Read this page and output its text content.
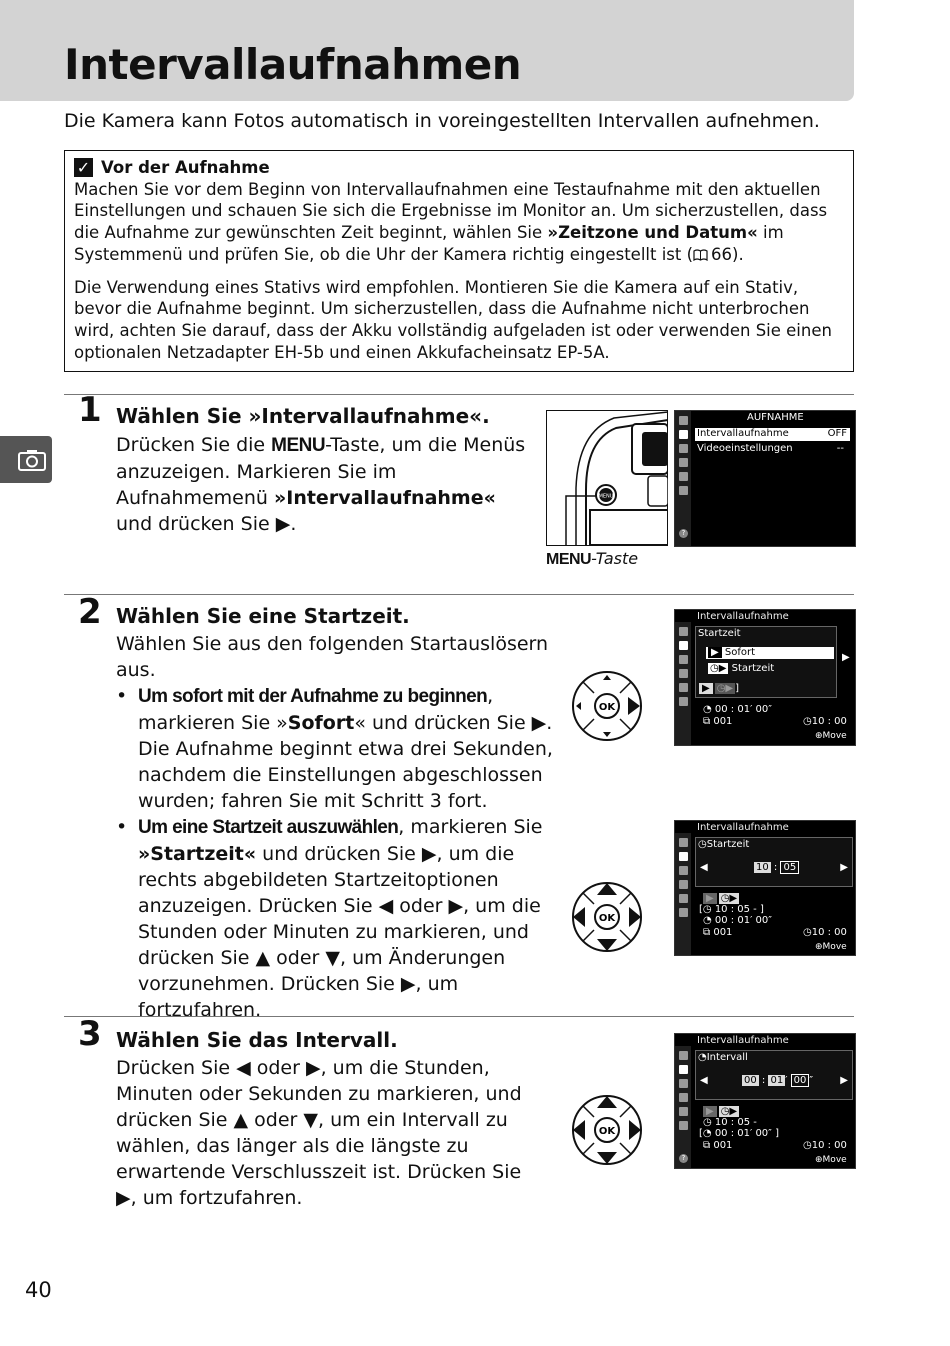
Intervallaufnahmen
Die Kamera kann Fotos automatisch in voreingestellten Intervallen aufnehmen.
✓ Vor der Aufnahme

Machen Sie vor dem Beginn von Intervallaufnahmen eine Testaufnahme mit den aktuellen Einstellungen und schauen Sie sich die Ergebnisse im Monitor an. Um sicherzustellen, dass die Aufnahme zur gewünschten Zeit beginnt, wählen Sie »Zeitzone und Datum« im Systemmenü und prüfen Sie, ob die Uhr der Kamera richtig eingestellt ist ( 66).

Die Verwendung eines Stativs wird empfohlen. Montieren Sie die Kamera auf ein Stativ, bevor die Aufnahme beginnt. Um sicherzustellen, dass die Aufnahme nicht unterbrochen wird, achten Sie darauf, dass der Akku vollständig aufgeladen ist oder verwenden Sie einen optionalen Netzadapter EH-5b und einen Akkufacheinsatz EP-5A.

1 Wählen Sie »Intervallaufnahme«.

Drücken Sie die MENU-Taste, um die Menüs anzuzeigen. Markieren Sie im Aufnahmemenü »Intervallaufnahme« und drücken Sie ▶.

MENU
MENU-Taste
AUFNAHME
Intervallaufnahme	OFF
Videoeinstellungen	--
?
2 Wählen Sie eine Startzeit.

Wählen Sie aus den folgenden Startauslösern aus.

• Um sofort mit der Aufnahme zu beginnen, markieren Sie »Sofort« und drücken Sie ▶. Die Aufnahme beginnt etwa drei Sekunden, nachdem die Einstellungen abgeschlossen wurden; fahren Sie mit Schritt 3 fort.
• Um eine Startzeit auszuwählen, markieren Sie »Startzeit« und drücken Sie ▶, um die rechts abgebildeten Startzeitoptionen anzuzeigen. Drücken Sie ◀ oder ▶, um die Stunden oder Minuten zu markieren, und drücken Sie ▲ oder ▼, um Änderungen vorzunehmen. Drücken Sie ▶, um fortzufahren.
OK
Intervallaufnahme
Startzeit
▶ Sofort
◷▶ Startzeit
▶
▶ ◷▶ ]
◔ 00 : 01′ 00″
⧉ 001	◷10 : 00
⊕Move
OK
Intervallaufnahme
◷Startzeit
◀	10 : 05	▶
▶ ◷▶
[◷ 10 : 05 - ]
◔ 00 : 01′ 00″
⧉ 001	◷10 : 00
⊕Move
3 Wählen Sie das Intervall.
Drücken Sie ◀ oder ▶, um die Stunden, Minuten oder Sekunden zu markieren, und drücken Sie ▲ oder ▼, um ein Intervall zu wählen, das länger als die längste zu erwartende Verschlusszeit ist. Drücken Sie ▶, um fortzufahren.
OK
Intervallaufnahme
◔Intervall
◀	00 : 01 ′ 00 ″	▶
▶ ◷▶
◷ 10 : 05 -
[◔ 00 : 01′ 00″ ]
⧉ 001	◷10 : 00
⊕Move
?
40
